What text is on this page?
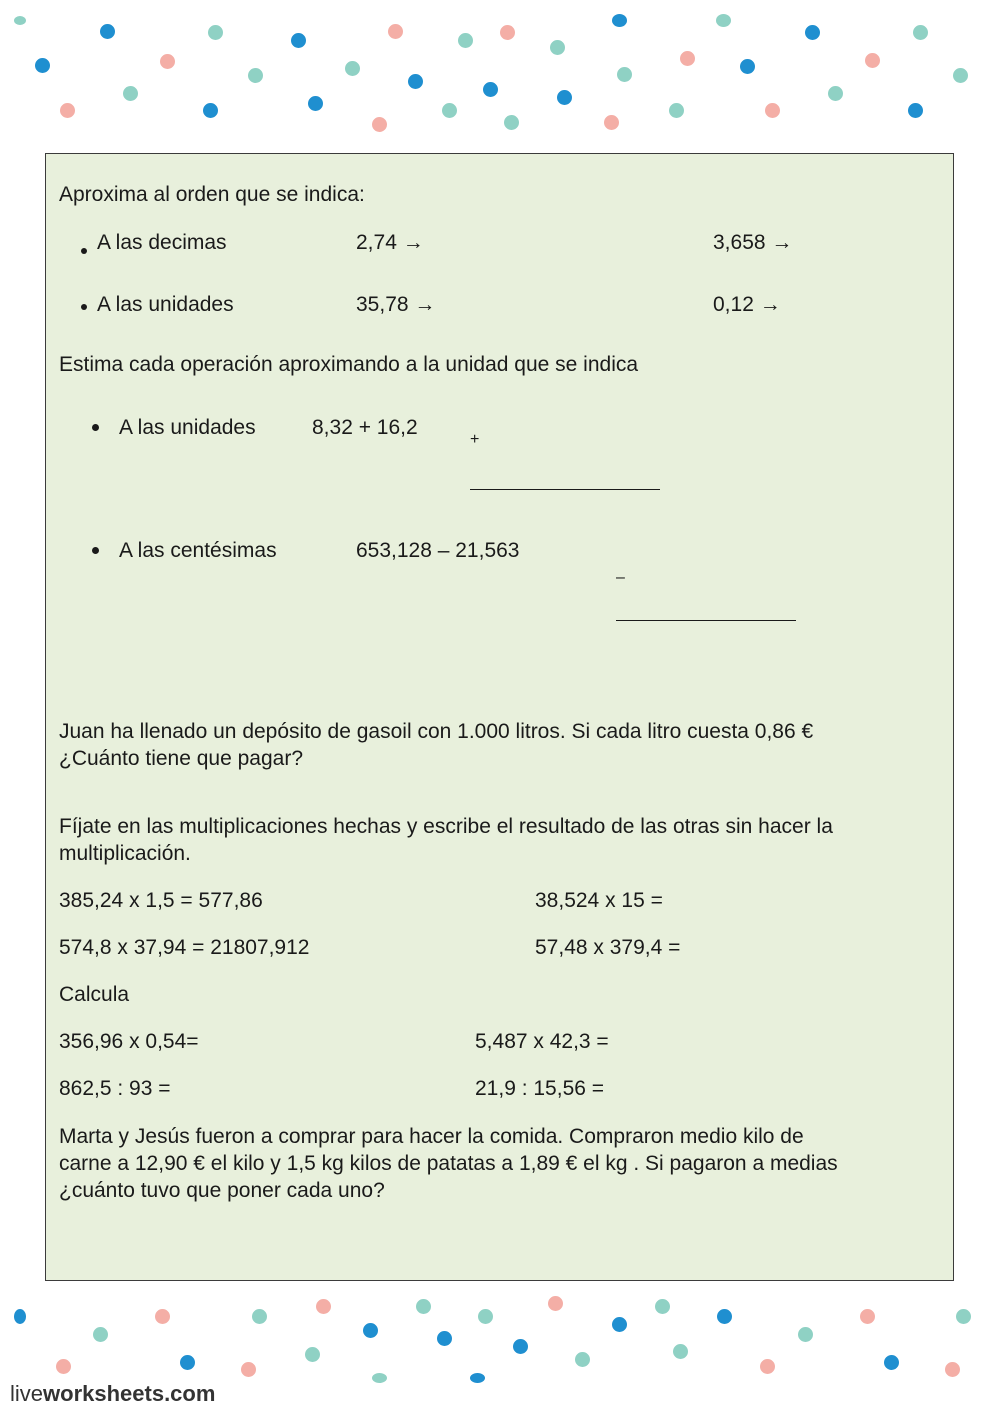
Aproxima al orden que se indica:
A las decimas	2,74 →	3,658 →
A las unidades	35,78 →	0,12 →
Estima cada operación aproximando a la unidad que se indica
A las unidades	8,32 + 16,2
+
A las centésimas	653,128 – 21,563
–
Juan ha llenado un depósito de gasoil con 1.000 litros. Si cada litro cuesta 0,86 €
¿Cuánto tiene que pagar?
Fíjate en las multiplicaciones hechas y escribe el resultado de las otras sin hacer la
multiplicación.
385,24 x 1,5 = 577,86	38,524 x 15 =
574,8 x 37,94 = 21807,912	57,48 x 379,4 =
Calcula
356,96 x 0,54=	5,487 x 42,3 =
862,5 : 93 =	21,9 : 15,56 =
Marta y Jesús fueron a comprar para hacer la comida. Compraron medio kilo de
carne a 12,90 € el kilo y 1,5 kg kilos de patatas a 1,89 € el kg . Si pagaron a medias
¿cuánto tuvo que poner cada uno?
liveworksheets.com
